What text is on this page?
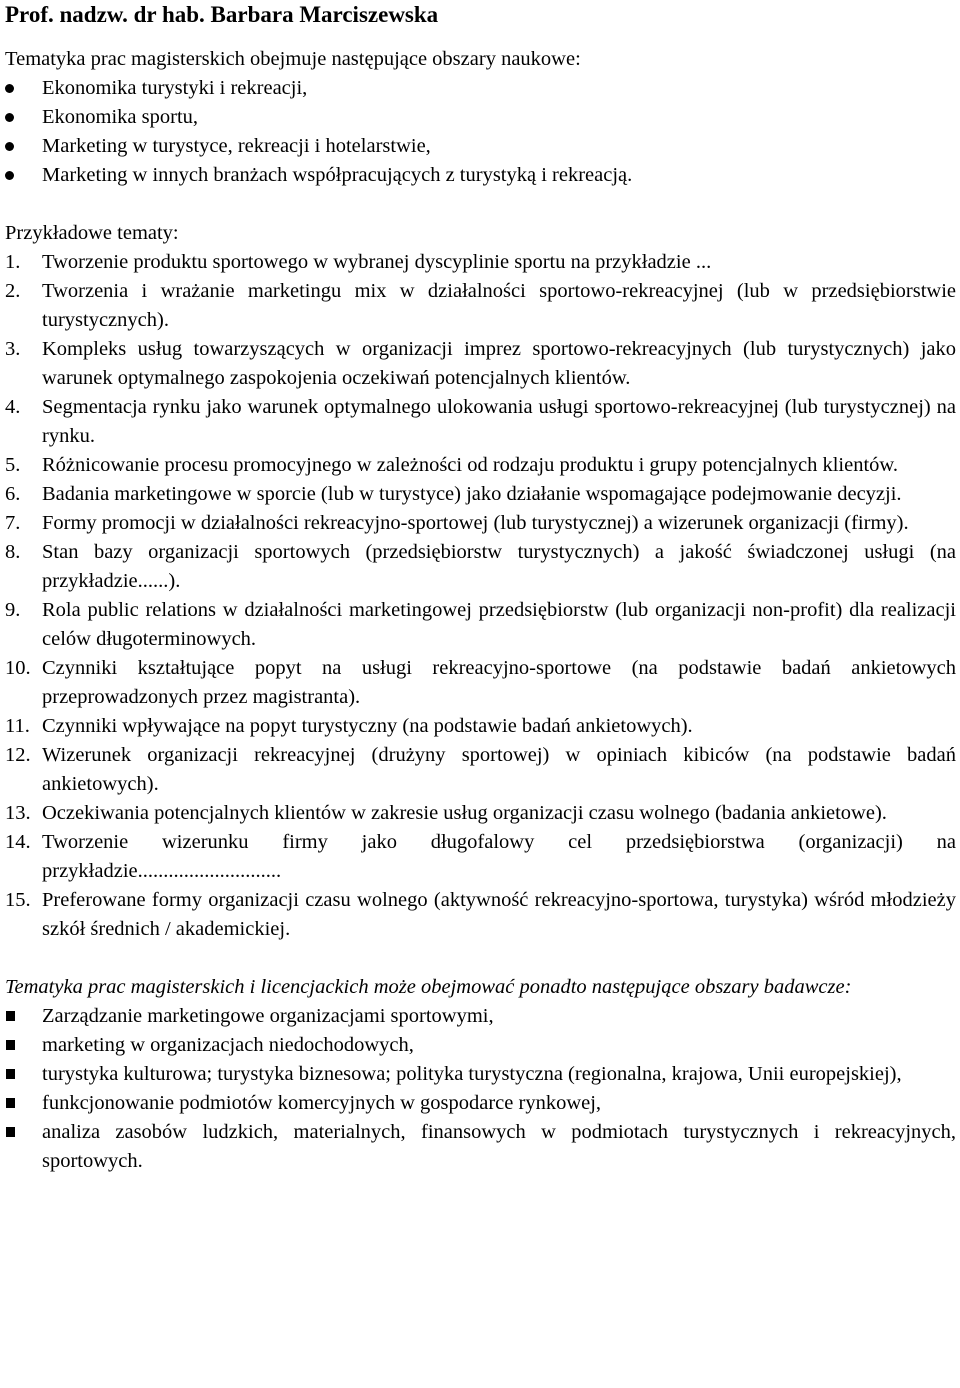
Prof. nadzw. dr hab. Barbara Marciszewska
Tematyka prac magisterskich obejmuje następujące obszary naukowe:
Ekonomika turystyki i rekreacji,
Ekonomika sportu,
Marketing w turystyce, rekreacji i hotelarstwie,
Marketing w innych branżach współpracujących z turystyką i rekreacją.
Przykładowe tematy:
1. Tworzenie produktu sportowego w wybranej dyscyplinie sportu na przykładzie ...
2. Tworzenia i wrażanie marketingu mix w działalności sportowo-rekreacyjnej (lub w przedsiębiorstwie turystycznych).
3. Kompleks usług towarzyszących w organizacji imprez sportowo-rekreacyjnych (lub turystycznych) jako warunek optymalnego zaspokojenia oczekiwań potencjalnych klientów.
4. Segmentacja rynku jako warunek optymalnego ulokowania usługi sportowo-rekreacyjnej (lub turystycznej) na rynku.
5. Różnicowanie procesu promocyjnego w zależności od rodzaju produktu i grupy potencjalnych klientów.
6. Badania marketingowe w sporcie (lub w turystyce) jako działanie wspomagające podejmowanie decyzji.
7. Formy promocji w działalności rekreacyjno-sportowej (lub turystycznej) a wizerunek organizacji (firmy).
8. Stan bazy organizacji sportowych (przedsiębiorstw turystycznych) a jakość świadczonej usługi (na przykładzie......).
9. Rola public relations w działalności marketingowej przedsiębiorstw (lub organizacji non-profit) dla realizacji celów długoterminowych.
10. Czynniki kształtujące popyt na usługi rekreacyjno-sportowe (na podstawie badań ankietowych przeprowadzonych przez magistranta).
11. Czynniki wpływające na popyt turystyczny (na podstawie badań ankietowych).
12. Wizerunek organizacji rekreacyjnej (drużyny sportowej) w opiniach kibiców (na podstawie badań ankietowych).
13. Oczekiwania potencjalnych klientów w zakresie usług organizacji czasu wolnego (badania ankietowe).
14. Tworzenie wizerunku firmy jako długofalowy cel przedsiębiorstwa (organizacji) na przykładzie............................
15. Preferowane formy organizacji czasu wolnego (aktywność rekreacyjno-sportowa, turystyka) wśród młodzieży szkół średnich / akademickiej.
Tematyka prac magisterskich i licencjackich może obejmować ponadto następujące obszary badawcze:
Zarządzanie marketingowe organizacjami sportowymi,
marketing w organizacjach niedochodowych,
turystyka kulturowa; turystyka biznesowa; polityka turystyczna (regionalna, krajowa, Unii europejskiej),
funkcjonowanie podmiotów komercyjnych w gospodarce rynkowej,
analiza zasobów ludzkich, materialnych, finansowych w podmiotach turystycznych i rekreacyjnych, sportowych.
